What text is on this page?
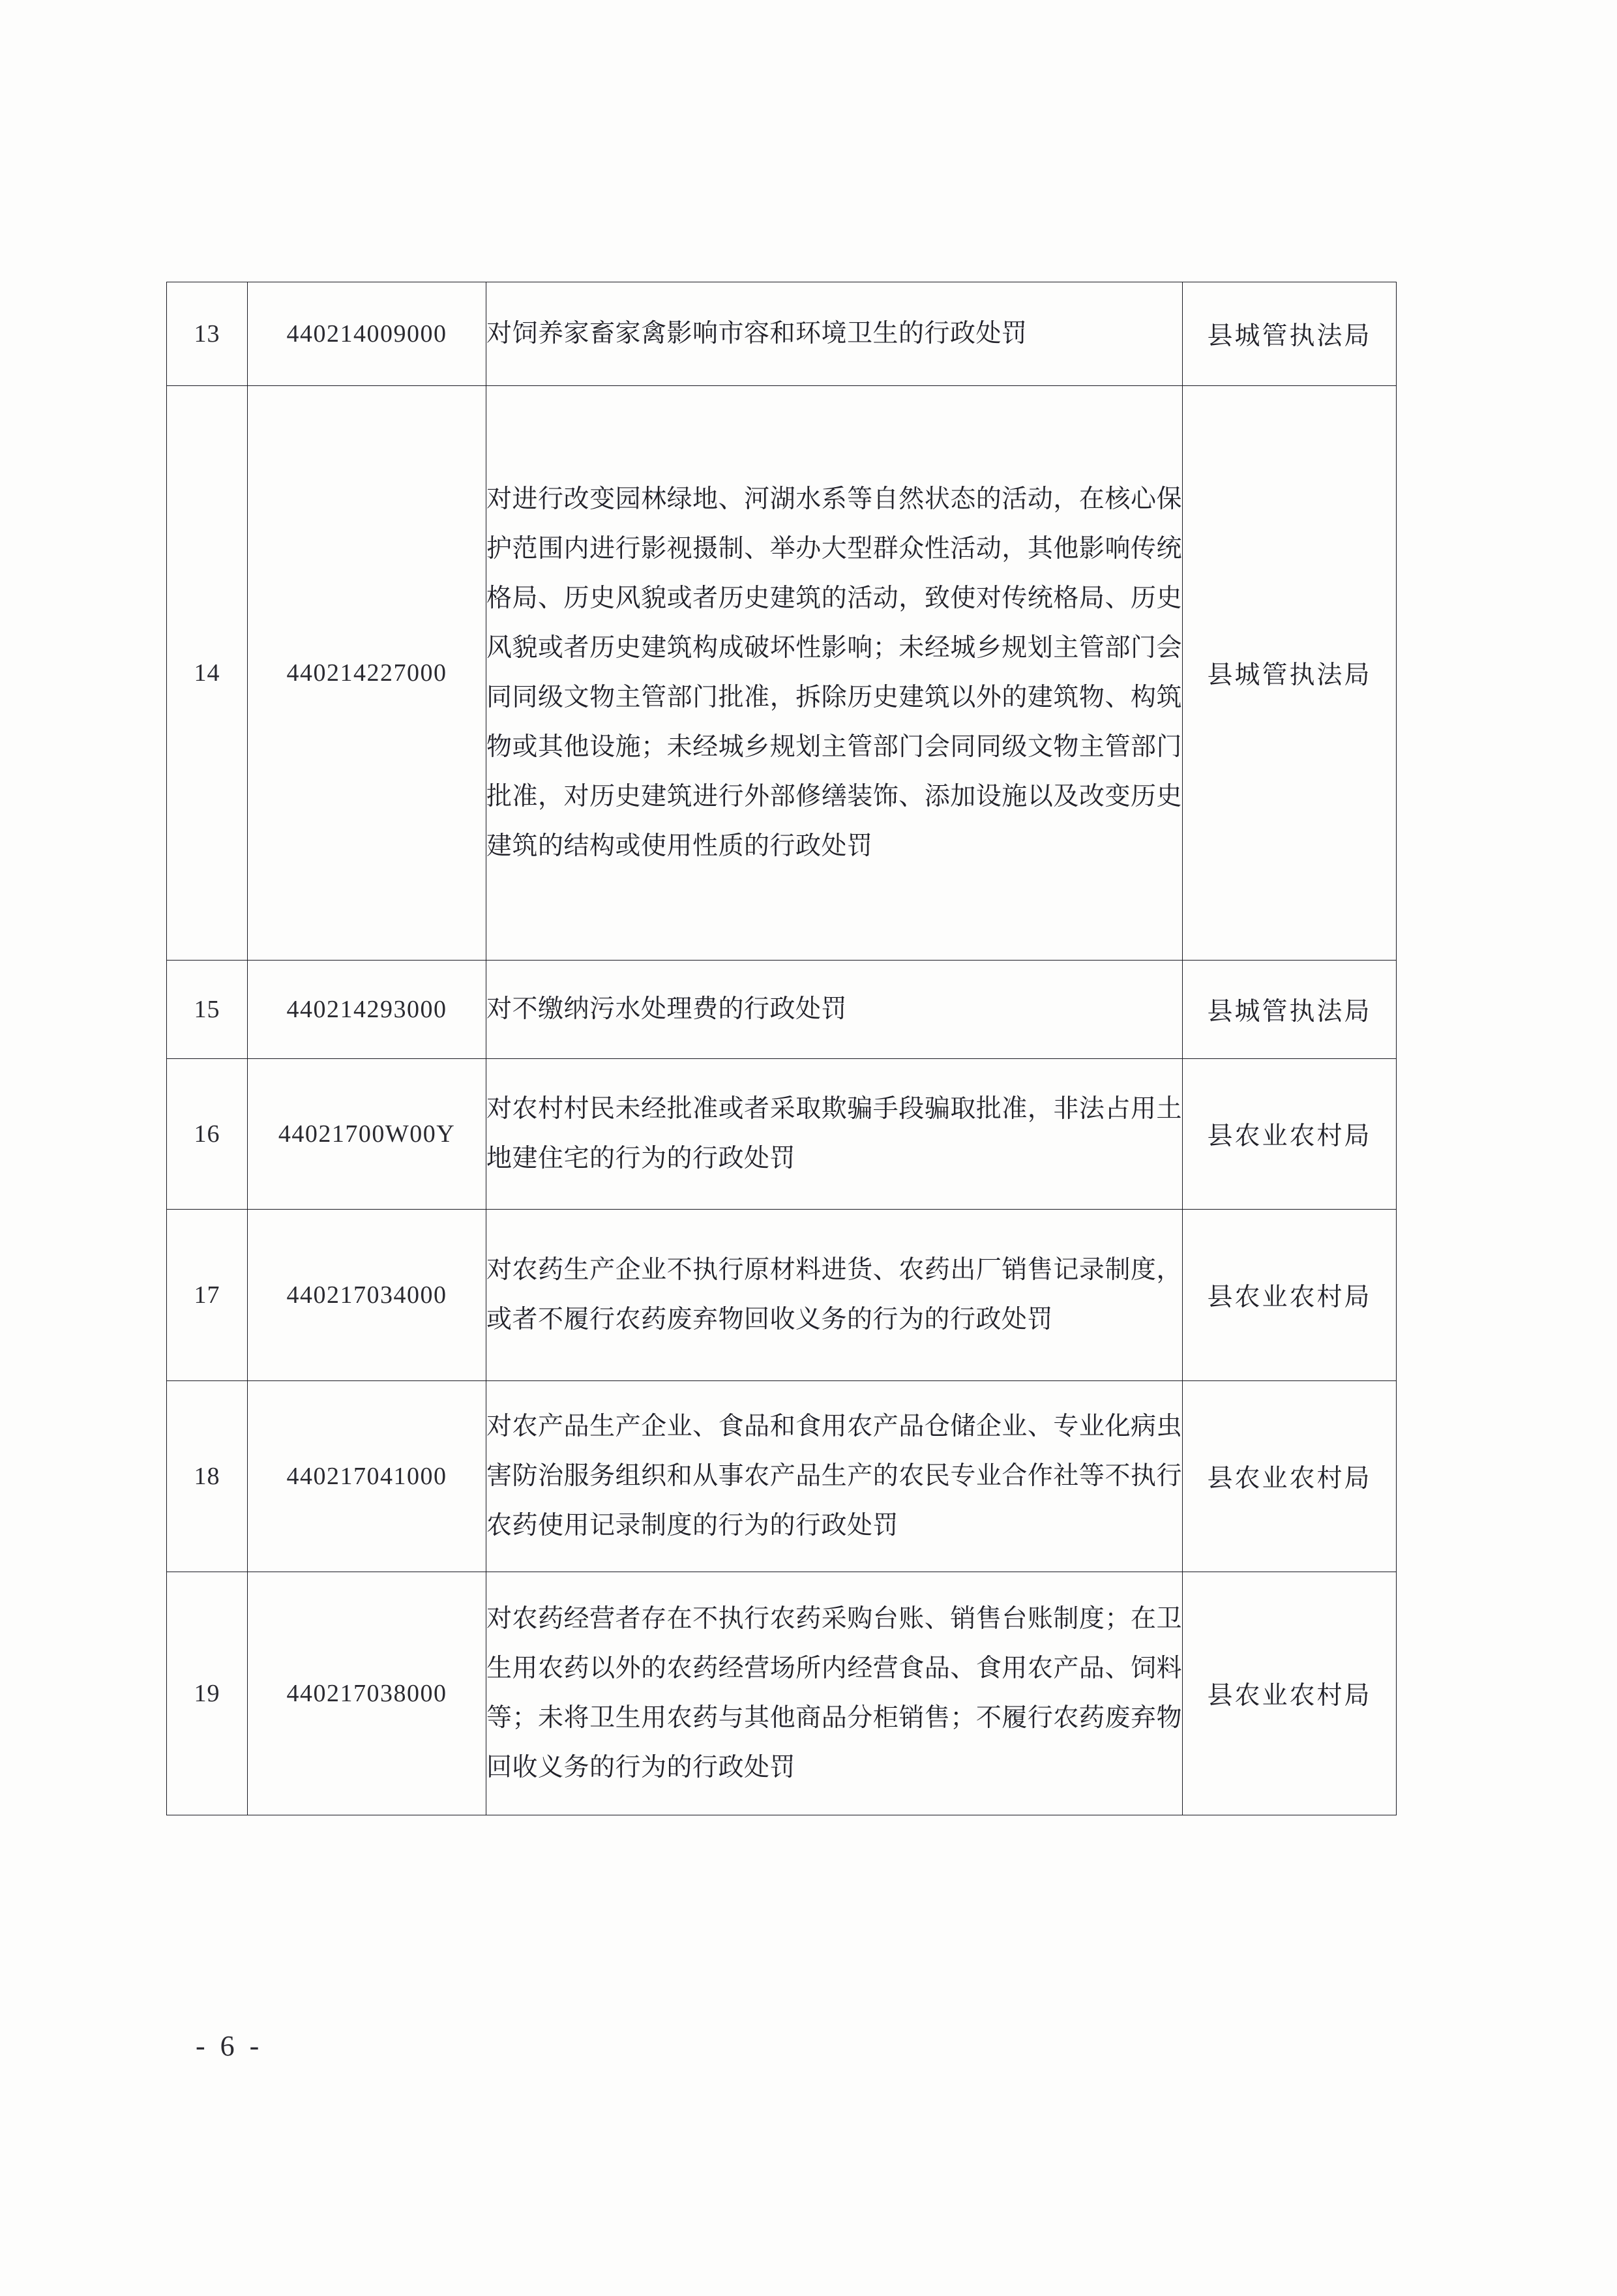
13	440214009000	对饲养家畜家禽影响市容和环境卫生的行政处罚	县城管执法局
14	440214227000	对进行改变园林绿地、河湖水系等自然状态的活动，在核心保护范围内进行影视摄制、举办大型群众性活动，其他影响传统格局、历史风貌或者历史建筑的活动，致使对传统格局、历史风貌或者历史建筑构成破坏性影响；未经城乡规划主管部门会同同级文物主管部门批准，拆除历史建筑以外的建筑物、构筑物或其他设施；未经城乡规划主管部门会同同级文物主管部门批准，对历史建筑进行外部修缮装饰、添加设施以及改变历史建筑的结构或使用性质的行政处罚	县城管执法局
15	440214293000	对不缴纳污水处理费的行政处罚	县城管执法局
16	44021700W00Y	对农村村民未经批准或者采取欺骗手段骗取批准，非法占用土地建住宅的行为的行政处罚	县农业农村局
17	440217034000	对农药生产企业不执行原材料进货、农药出厂销售记录制度，或者不履行农药废弃物回收义务的行为的行政处罚	县农业农村局
18	440217041000	对农产品生产企业、食品和食用农产品仓储企业、专业化病虫害防治服务组织和从事农产品生产的农民专业合作社等不执行农药使用记录制度的行为的行政处罚	县农业农村局
19	440217038000	对农药经营者存在不执行农药采购台账、销售台账制度；在卫生用农药以外的农药经营场所内经营食品、食用农产品、饲料等；未将卫生用农药与其他商品分柜销售；不履行农药废弃物回收义务的行为的行政处罚	县农业农村局
- 6 -
